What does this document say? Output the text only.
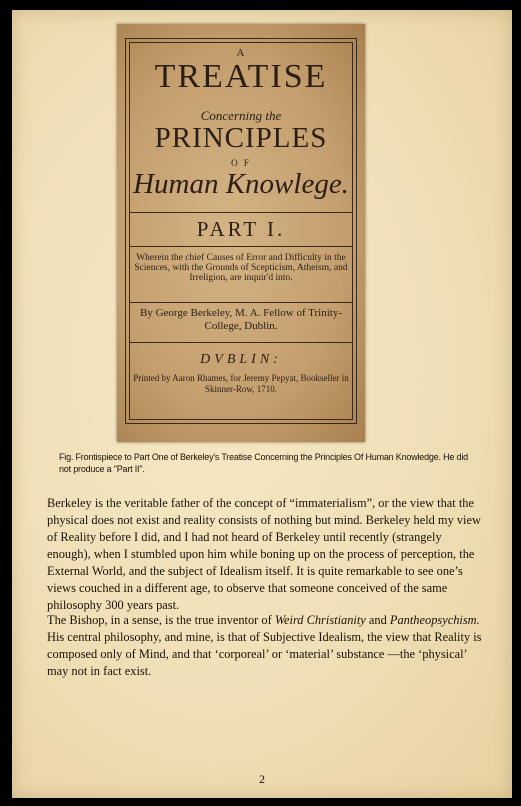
A
TREATISE
Concerning the
PRINCIPLES
O F
Human Knowlege.
PART I.
Wherein the chief Causes of Error and Difficulty in the Sciences, with the Grounds of Scepticism, Atheism, and Irreligion, are inquir'd into.
By George Berkeley, M. A. Fellow of Trinity-College, Dublin.
DVBLIN:
Printed by Aaron Rhames, for Jeremy Pepyat, Bookseller in Skinner-Row, 1710.
Fig. Frontispiece to Part One of Berkeley's Treatise Concerning the Principles Of Human Knowledge. He did not produce a "Part II".

Berkeley is the veritable father of the concept of “immaterialism”, or the view that the physical does not exist and reality consists of nothing but mind. Berkeley held my view of Reality before I did, and I had not heard of Berkeley until recently (strangely enough), when I stumbled upon him while boning up on the process of perception, the External World, and the subject of Idealism itself. It is quite remarkable to see one’s views couched in a different age, to observe that someone conceived of the same philosophy 300 years past.

The Bishop, in a sense, is the true inventor of Weird Christianity and Pantheopsychism. His central philosophy, and mine, is that of Subjective Idealism, the view that Reality is composed only of Mind, and that ‘corporeal’ or ‘material’ substance —the ‘physical’ may not in fact exist.

2
